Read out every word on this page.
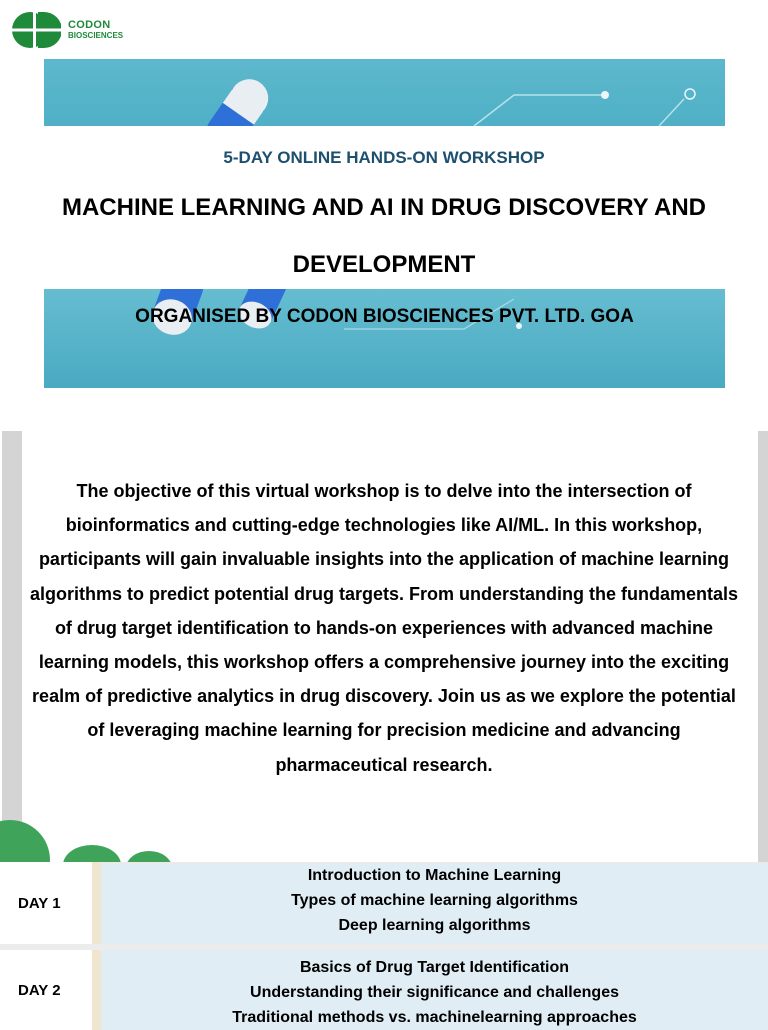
CODON
BIOSCIENCES
5-DAY ONLINE HANDS-ON WORKSHOP
MACHINE LEARNING AND AI IN DRUG DISCOVERY AND DEVELOPMENT
ORGANISED BY CODON BIOSCIENCES PVT. LTD. GOA
The objective of this virtual workshop is to delve into the intersection of bioinformatics and cutting-edge technologies like AI/ML. In this workshop, participants will gain invaluable insights into the application of machine learning algorithms to predict potential drug targets. From understanding the fundamentals of drug target identification to hands-on experiences with advanced machine learning models, this workshop offers a comprehensive journey into the exciting realm of predictive analytics in drug discovery. Join us as we explore the potential of leveraging machine learning for precision medicine and advancing pharmaceutical research.
DAY 1
Introduction to Machine Learning
Types of machine learning algorithms
Deep learning algorithms
DAY 2
Basics of Drug Target Identification
Understanding their significance and challenges
Traditional methods vs. machinelearning approaches
